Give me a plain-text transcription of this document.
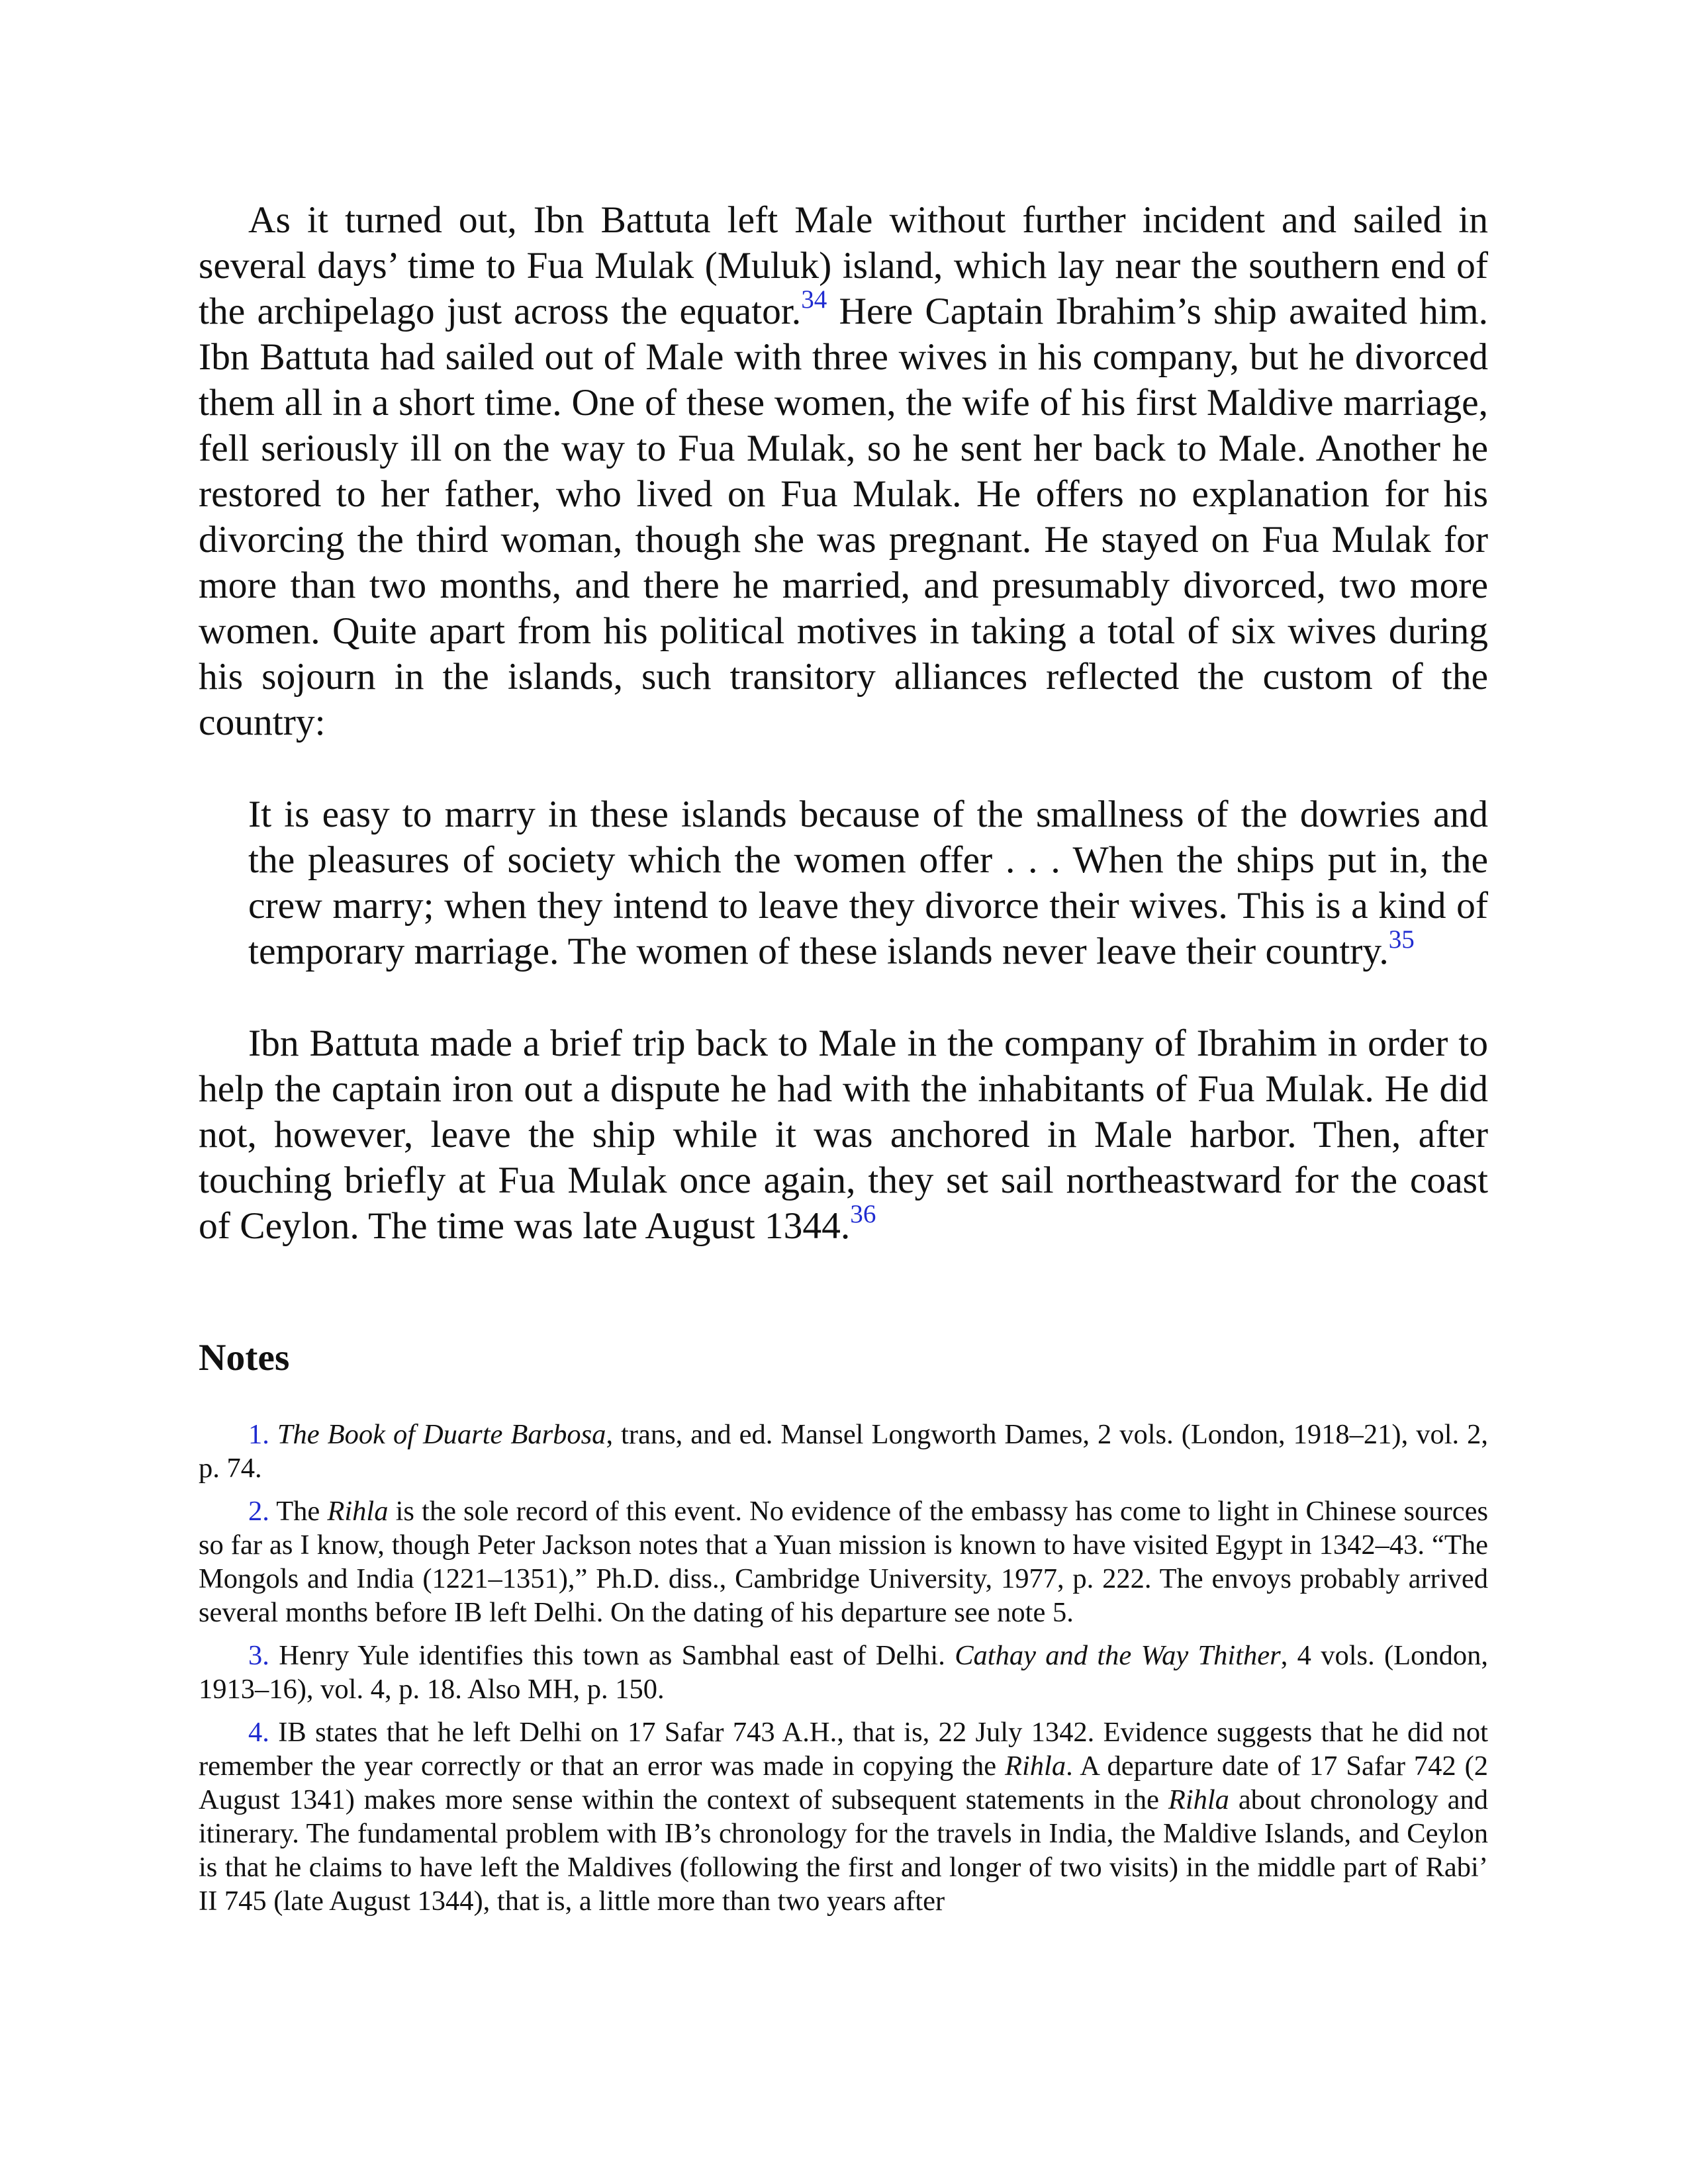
As it turned out, Ibn Battuta left Male without further incident and sailed in several days’ time to Fua Mulak (Muluk) island, which lay near the southern end of the archipelago just across the equator.$^{34}$ Here Captain Ibrahim’s ship awaited him. Ibn Battuta had sailed out of Male with three wives in his company, but he divorced them all in a short time. One of these women, the wife of his first Maldive marriage, fell seriously ill on the way to Fua Mulak, so he sent her back to Male. Another he restored to her father, who lived on Fua Mulak. He offers no explanation for his divorcing the third woman, though she was pregnant. He stayed on Fua Mulak for more than two months, and there he married, and presumably divorced, two more women. Quite apart from his political motives in taking a total of six wives during his sojourn in the islands, such transitory alliances reflected the custom of the country:

It is easy to marry in these islands because of the smallness of the dowries and the pleasures of society which the women offer . . . When the ships put in, the crew marry; when they intend to leave they divorce their wives. This is a kind of temporary marriage. The women of these islands never leave their country.$^{35}$

Ibn Battuta made a brief trip back to Male in the company of Ibrahim in order to help the captain iron out a dispute he had with the inhabitants of Fua Mulak. He did not, however, leave the ship while it was anchored in Male harbor. Then, after touching briefly at Fua Mulak once again, they set sail northeastward for the coast of Ceylon. The time was late August 1344.36

Notes

1. The Book of Duarte Barbosa, trans, and ed. Mansel Longworth Dames, 2 vols. (London, 1918–21), vol. 2, p. 74.

2. The Rihla is the sole record of this event. No evidence of the embassy has come to light in Chinese sources so far as I know, though Peter Jackson notes that a Yuan mission is known to have visited Egypt in 1342–43. “The Mongols and India (1221–1351),” Ph.D. diss., Cambridge University, 1977, p. 222. The envoys probably arrived several months before IB left Delhi. On the dating of his departure see note 5.

3. Henry Yule identifies this town as Sambhal east of Delhi. Cathay and the Way Thither, 4 vols. (London, 1913–16), vol. 4, p. 18. Also MH, p. 150.

4. IB states that he left Delhi on 17 Safar 743 A.H., that is, 22 July 1342. Evidence suggests that he did not remember the year correctly or that an error was made in copying the Rihla. A departure date of 17 Safar 742 (2 August 1341) makes more sense within the context of subsequent statements in the Rihla about chronology and itinerary. The fundamental problem with IB’s chronology for the travels in India, the Maldive Islands, and Ceylon is that he claims to have left the Maldives (following the first and longer of two visits) in the middle part of Rabi’ II 745 (late August 1344), that is, a little more than two years after
